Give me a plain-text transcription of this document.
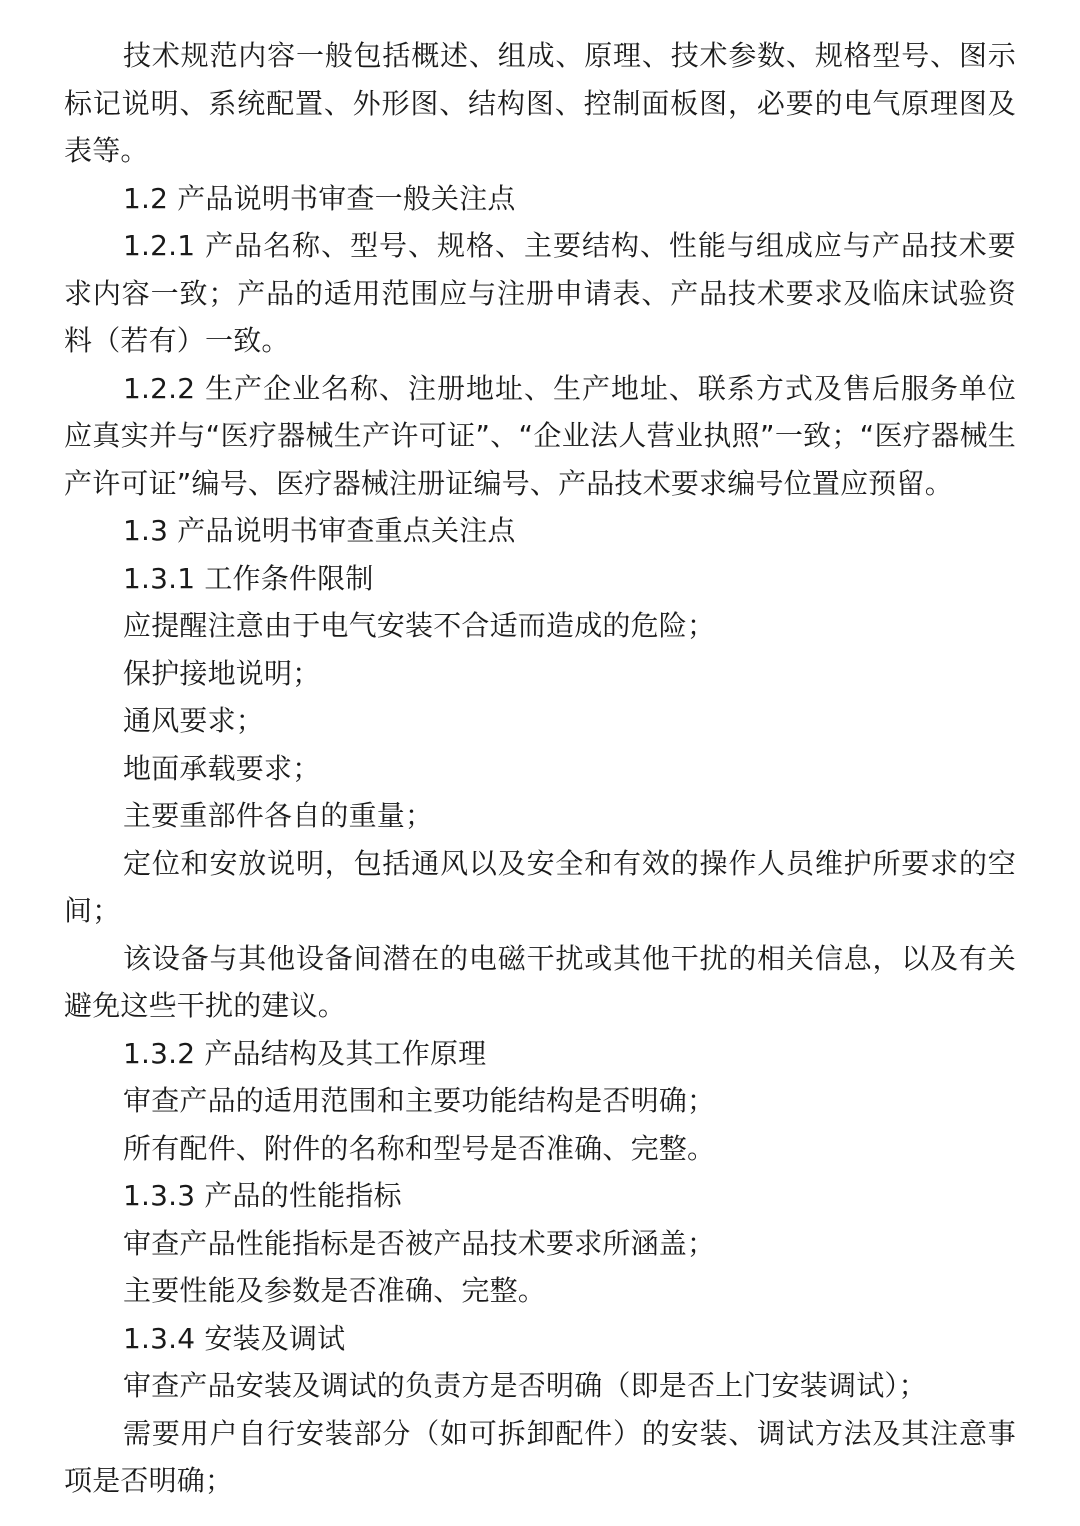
技术规范内容一般包括概述、组成、原理、技术参数、规格型号、图示标记说明、系统配置、外形图、结构图、控制面板图，必要的电气原理图及表等。

1.2 产品说明书审查一般关注点

1.2.1 产品名称、型号、规格、主要结构、性能与组成应与产品技术要求内容一致；产品的适用范围应与注册申请表、产品技术要求及临床试验资料（若有）一致。

1.2.2 生产企业名称、注册地址、生产地址、联系方式及售后服务单位应真实并与“医疗器械生产许可证”、“企业法人营业执照”一致；“医疗器械生产许可证”编号、医疗器械注册证编号、产品技术要求编号位置应预留。

1.3 产品说明书审查重点关注点

1.3.1 工作条件限制

应提醒注意由于电气安装不合适而造成的危险；

保护接地说明；

通风要求；

地面承载要求；

主要重部件各自的重量；

定位和安放说明，包括通风以及安全和有效的操作人员维护所要求的空间；

该设备与其他设备间潜在的电磁干扰或其他干扰的相关信息，以及有关避免这些干扰的建议。

1.3.2 产品结构及其工作原理

审查产品的适用范围和主要功能结构是否明确；

所有配件、附件的名称和型号是否准确、完整。

1.3.3 产品的性能指标

审查产品性能指标是否被产品技术要求所涵盖；

主要性能及参数是否准确、完整。

1.3.4 安装及调试

审查产品安装及调试的负责方是否明确（即是否上门安装调试）；

需要用户自行安装部分（如可拆卸配件）的安装、调试方法及其注意事项是否明确；
